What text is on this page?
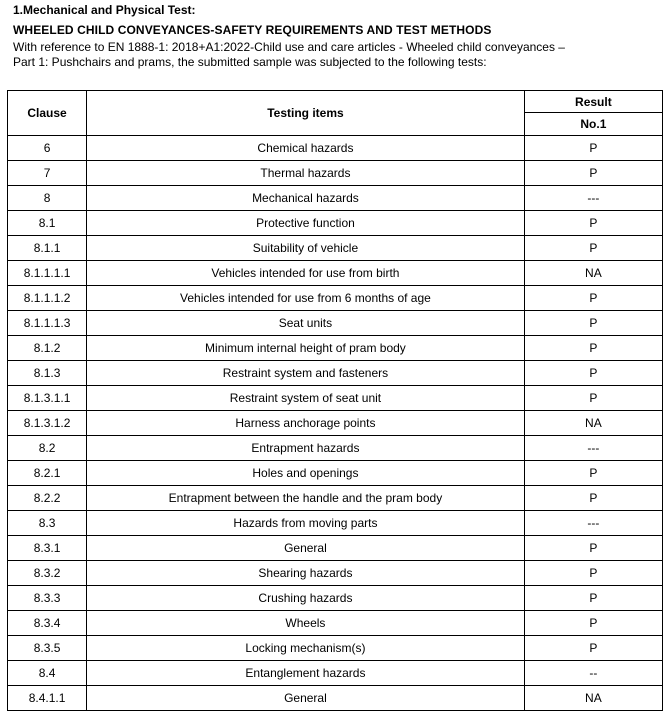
1.Mechanical and Physical Test:
WHEELED CHILD CONVEYANCES-SAFETY REQUIREMENTS AND TEST METHODS
With reference to EN 1888-1: 2018+A1:2022-Child use and care articles - Wheeled child conveyances –
Part 1: Pushchairs and prams, the submitted sample was subjected to the following tests:
Clause	Testing items	Result
		No.1
6	Chemical hazards	P
7	Thermal hazards	P
8	Mechanical hazards	---
8.1	Protective function	P
8.1.1	Suitability of vehicle	P
8.1.1.1.1	Vehicles intended for use from birth	NA
8.1.1.1.2	Vehicles intended for use from 6 months of age	P
8.1.1.1.3	Seat units	P
8.1.2	Minimum internal height of pram body	P
8.1.3	Restraint system and fasteners	P
8.1.3.1.1	Restraint system of seat unit	P
8.1.3.1.2	Harness anchorage points	NA
8.2	Entrapment hazards	---
8.2.1	Holes and openings	P
8.2.2	Entrapment between the handle and the pram body	P
8.3	Hazards from moving parts	---
8.3.1	General	P
8.3.2	Shearing hazards	P
8.3.3	Crushing hazards	P
8.3.4	Wheels	P
8.3.5	Locking mechanism(s)	P
8.4	Entanglement hazards	--
8.4.1.1	General	NA
